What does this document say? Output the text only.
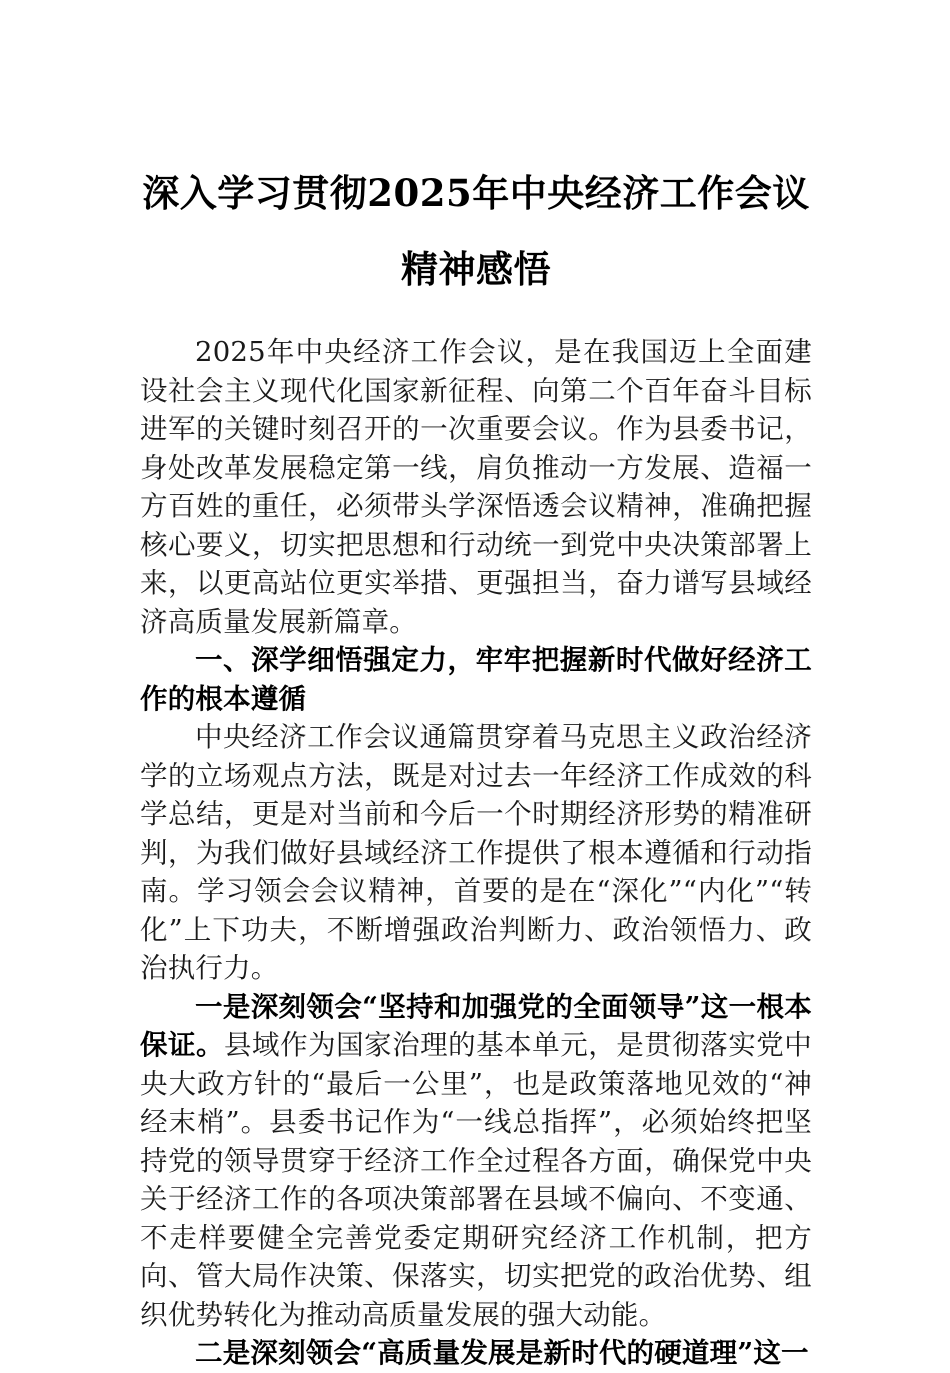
深入学习贯彻2025年中央经济工作会议精神感悟

2025年中央经济工作会议，是在我国迈上全面建设社会主义现代化国家新征程、向第二个百年奋斗目标进军的关键时刻召开的一次重要会议。作为县委书记，身处改革发展稳定第一线，肩负推动一方发展、造福一方百姓的重任，必须带头学深悟透会议精神，准确把握核心要义，切实把思想和行动统一到党中央决策部署上来，以更高站位更实举措、更强担当，奋力谱写县域经济高质量发展新篇章。

一、深学细悟强定力，牢牢把握新时代做好经济工作的根本遵循

中央经济工作会议通篇贯穿着马克思主义政治经济学的立场观点方法，既是对过去一年经济工作成效的科学总结，更是对当前和今后一个时期经济形势的精准研判，为我们做好县域经济工作提供了根本遵循和行动指南。学习领会会议精神，首要的是在“深化”“内化”“转化”上下功夫，不断增强政治判断力、政治领悟力、政治执行力。

一是深刻领会“坚持和加强党的全面领导”这一根本保证。县域作为国家治理的基本单元，是贯彻落实党中央大政方针的“最后一公里”，也是政策落地见效的“神经末梢”。县委书记作为“一线总指挥”，必须始终把坚持党的领导贯穿于经济工作全过程各方面，确保党中央关于经济工作的各项决策部署在县域不偏向、不变通、不走样要健全完善党委定期研究经济工作机制，把方向、管大局作决策、保落实，切实把党的政治优势、组织优势转化为推动高质量发展的强大动能。

二是深刻领会“高质量发展是新时代的硬道理”这一
